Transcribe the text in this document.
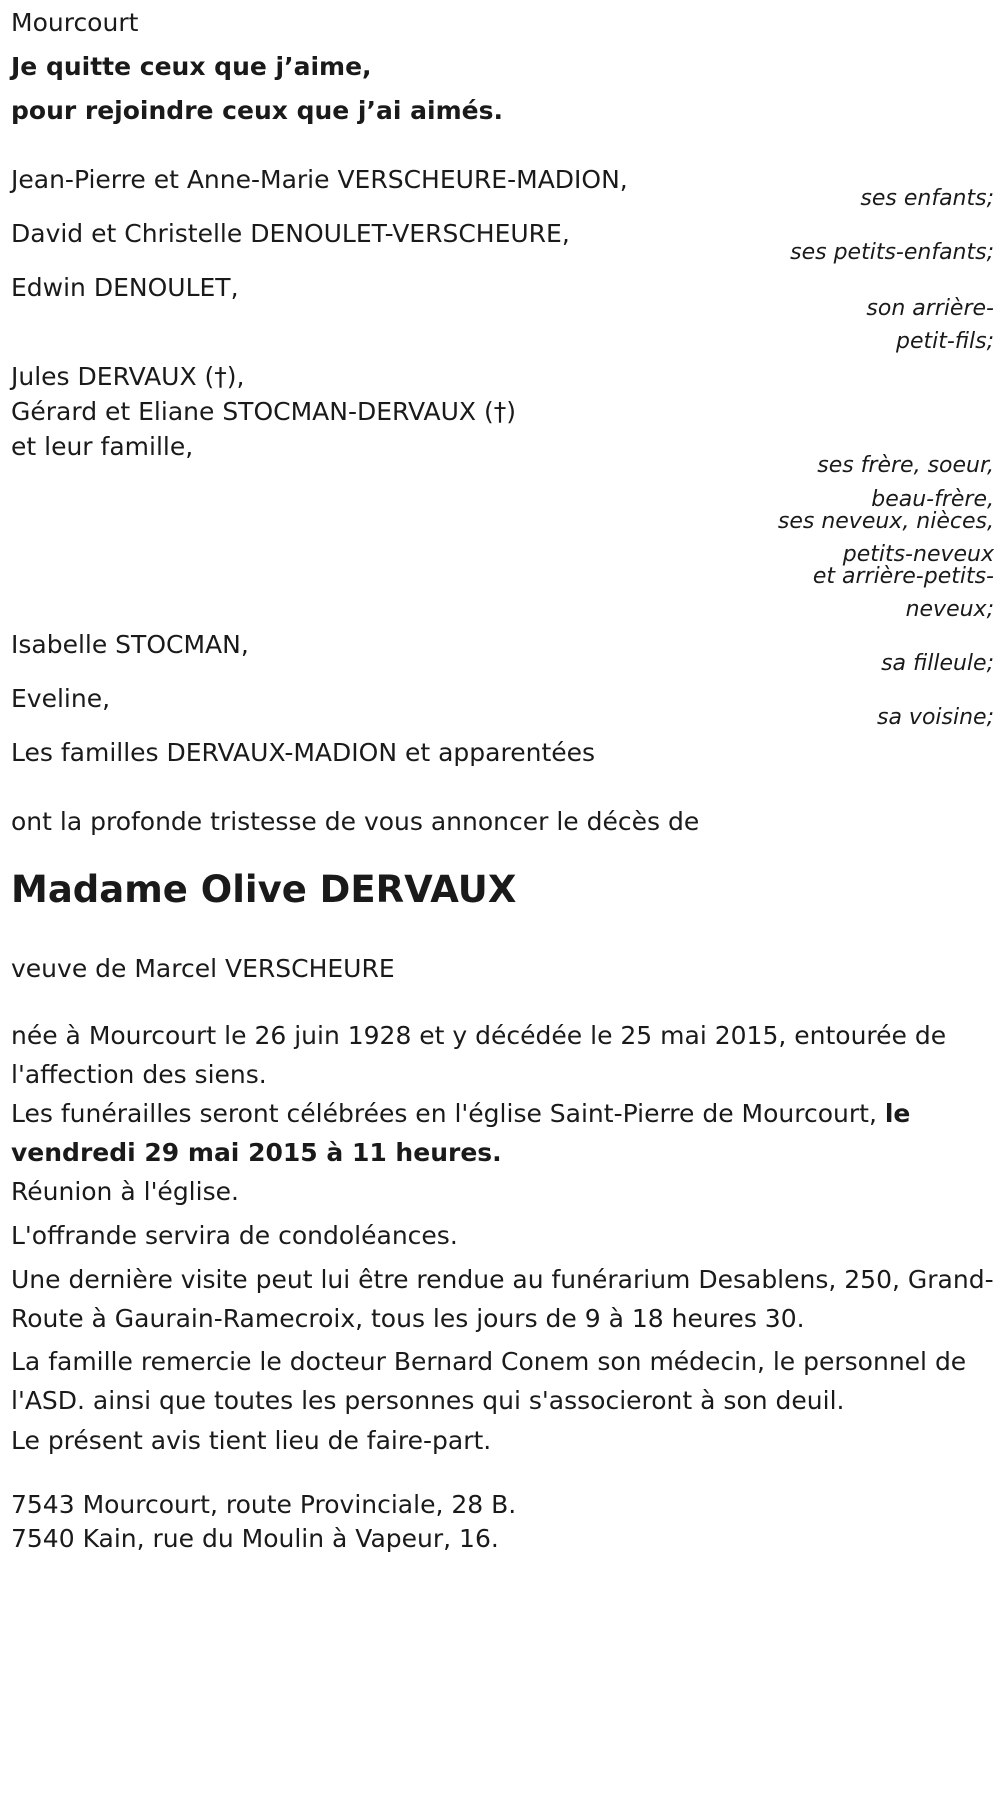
Mourcourt
Je quitte ceux que j’aime,
pour rejoindre ceux que j’ai aimés.
Jean-Pierre et Anne-Marie VERSCHEURE-MADION,
ses enfants;
David et Christelle DENOULET-VERSCHEURE,
ses petits-enfants;
Edwin DENOULET,
son arrière-
petit-fils;
Jules DERVAUX (†),
Gérard et Eliane STOCMAN-DERVAUX (†)
et leur famille,
ses frère, soeur,
beau-frère,
ses neveux, nièces,
petits-neveux
et arrière-petits-
neveux;
Isabelle STOCMAN,
sa filleule;
Eveline,
sa voisine;
Les familles DERVAUX-MADION et apparentées
ont la profonde tristesse de vous annoncer le décès de
Madame Olive DERVAUX
veuve de Marcel VERSCHEURE
née à Mourcourt le 26 juin 1928 et y décédée le 25 mai 2015, entourée de l'affection des siens.
Les funérailles seront célébrées en l'église Saint-Pierre de Mourcourt, le vendredi 29 mai 2015 à 11 heures.
Réunion à l'église.
L'offrande servira de condoléances.
Une dernière visite peut lui être rendue au funérarium Desablens, 250, Grand-Route à Gaurain-Ramecroix, tous les jours de 9 à 18 heures 30.
La famille remercie le docteur Bernard Conem son médecin, le personnel de l'ASD. ainsi que toutes les personnes qui s'associeront à son deuil.
Le présent avis tient lieu de faire-part.
7543 Mourcourt, route Provinciale, 28 B.
7540 Kain, rue du Moulin à Vapeur, 16.
